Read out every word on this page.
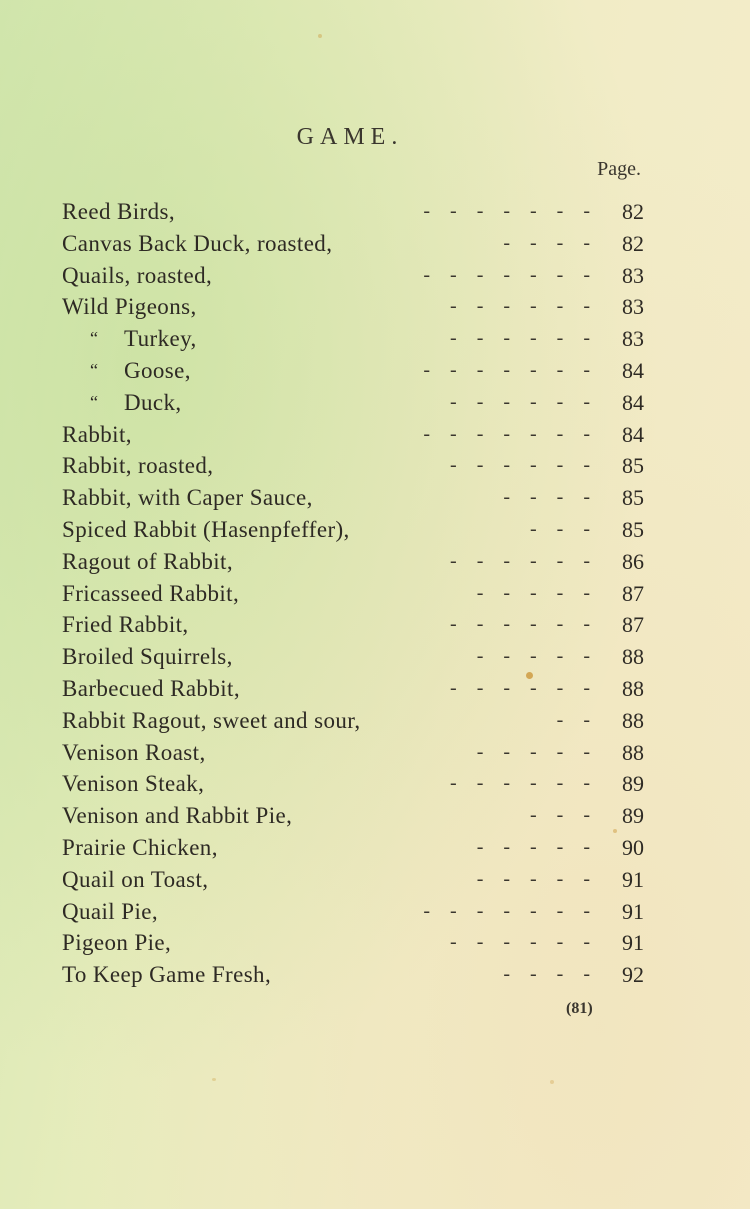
GAME.
Page.
Reed Birds,	-    -    -    -    -    -    -	82
Canvas Back Duck, roasted,	-    -    -    -	82
Quails, roasted,	-    -    -    -    -    -    -	83
Wild Pigeons,	-    -    -    -    -    -	83
“ Turkey,	-    -    -    -    -    -	83
“ Goose,	-    -    -    -    -    -    -	84
“ Duck,	-    -    -    -    -    -	84
Rabbit,	-    -    -    -    -    -    -	84
Rabbit, roasted,	-    -    -    -    -    -	85
Rabbit, with Caper Sauce,	-    -    -    -	85
Spiced Rabbit (Hasenpfeffer),	-    -    -	85
Ragout of Rabbit,	-    -    -    -    -    -	86
Fricasseed Rabbit,	-    -    -    -    -	87
Fried Rabbit,	-    -    -    -    -    -	87
Broiled Squirrels,	-    -    -    -    -	88
Barbecued Rabbit,	-    -    -    -    -    -	88
Rabbit Ragout, sweet and sour,	-    -	88
Venison Roast,	-    -    -    -    -	88
Venison Steak,	-    -    -    -    -    -	89
Venison and Rabbit Pie,	-    -    -	89
Prairie Chicken,	-    -    -    -    -	90
Quail on Toast,	-    -    -    -    -	91
Quail Pie,	-    -    -    -    -    -    -	91
Pigeon Pie,	-    -    -    -    -    -	91
To Keep Game Fresh,	-    -    -    -	92
(81)
